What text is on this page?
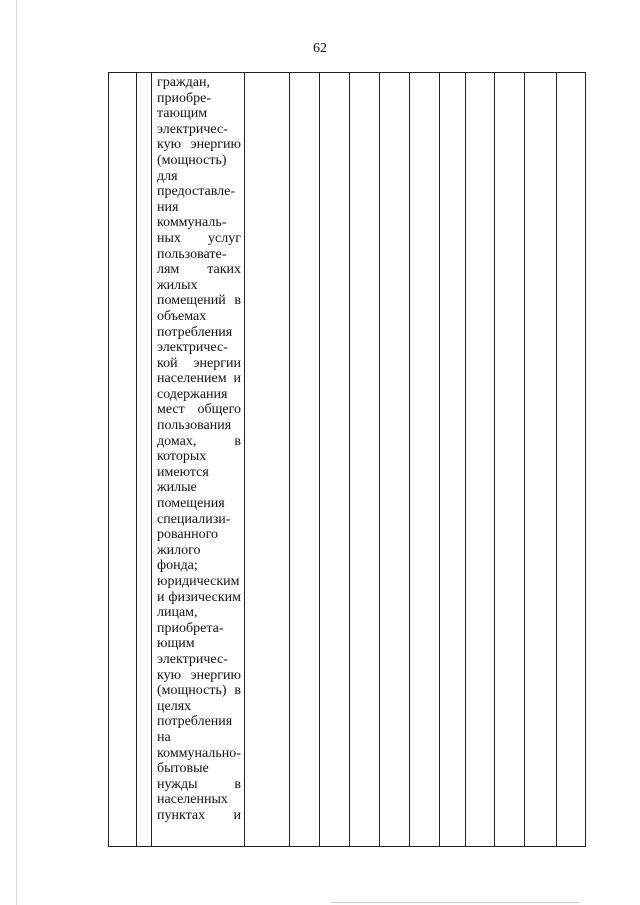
62
граждан,
приобре-
тающим
электричес-
кую энергию
(мощность)
для
предоставле-
ния
коммуналь-
ных услуг
пользовате-
лям таких
жилых
помещений в
объемах
потребления
электричес-
кой энергии
населением и
содержания
мест общего
пользования
домах, в
которых
имеются
жилые
помещения
специализи-
рованного
жилого
фонда;
юридическим
и физическим
лицам,
приобрета-
ющим
электричес-
кую энергию
(мощность) в
целях
потребления
на
коммунально-
бытовые
нужды в
населенных
пунктах и
